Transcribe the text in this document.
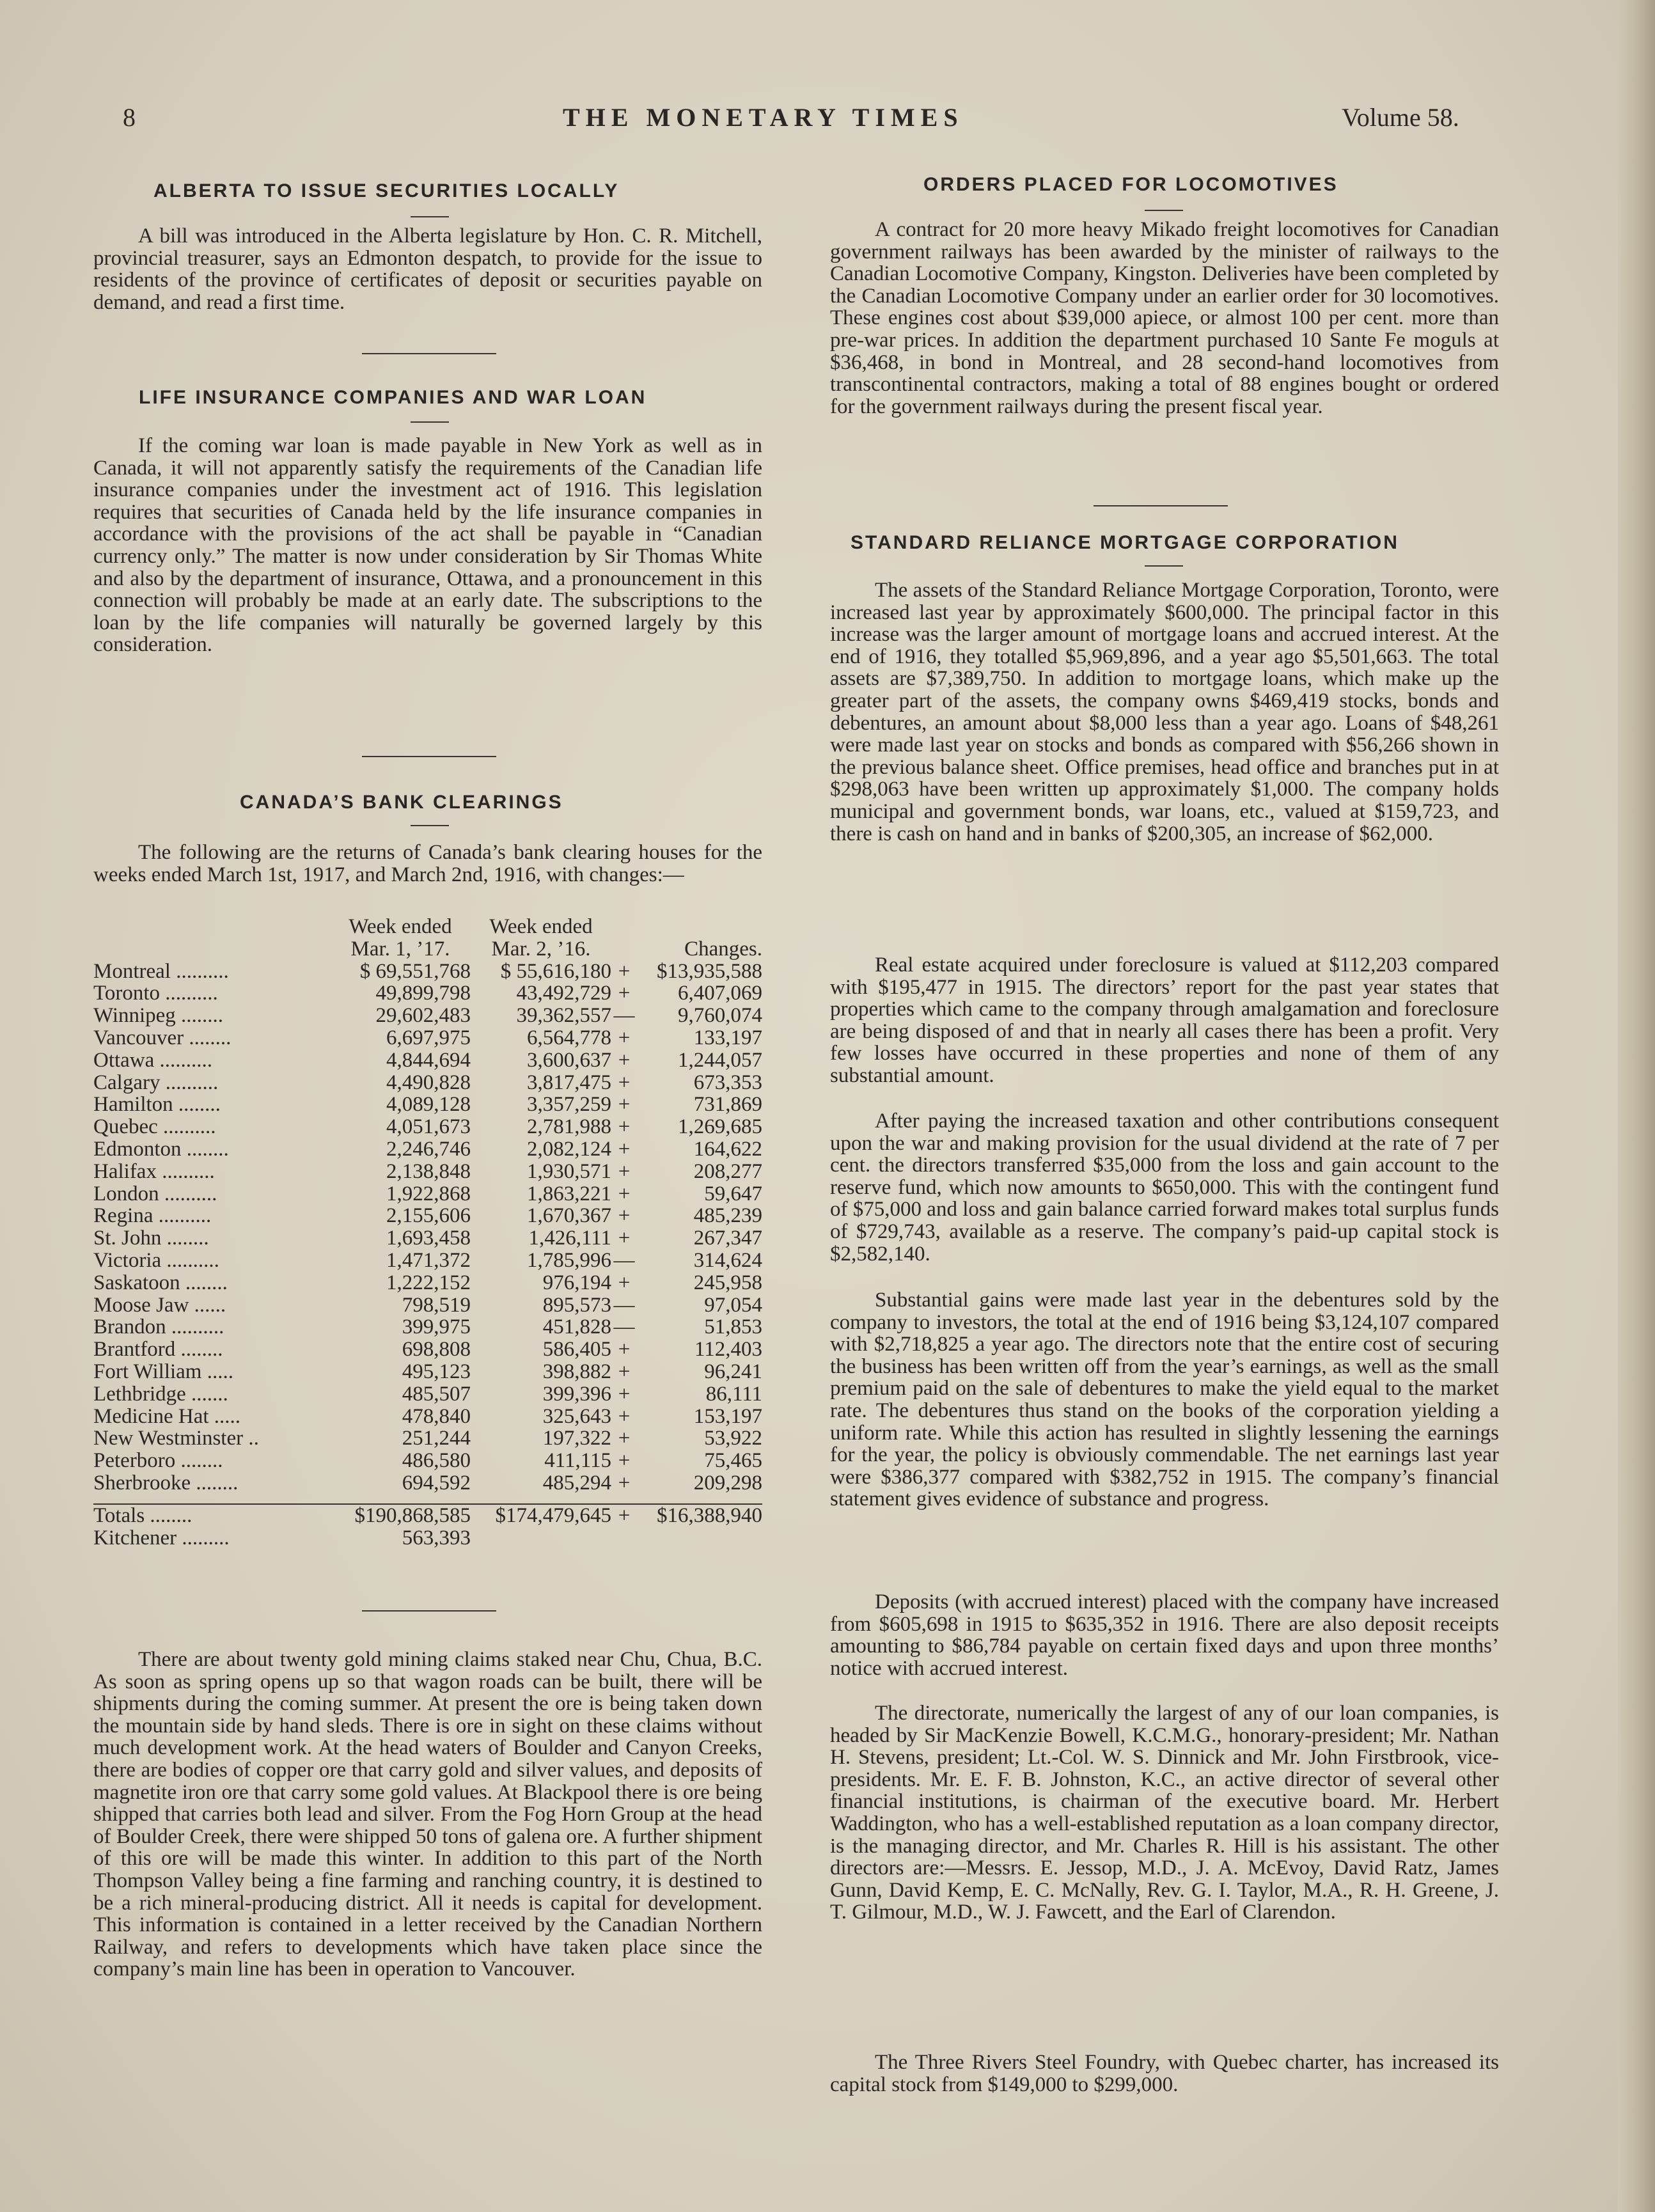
8	THE MONETARY TIMES	Volume 58.
ALBERTA TO ISSUE SECURITIES LOCALLY

A bill was introduced in the Alberta legislature by Hon. C. R. Mitchell, provincial treasurer, says an Edmonton despatch, to provide for the issue to residents of the province of certificates of deposit or securities payable on demand, and read a first time.

LIFE INSURANCE COMPANIES AND WAR LOAN

If the coming war loan is made payable in New York as well as in Canada, it will not apparently satisfy the requirements of the Canadian life insurance companies under the investment act of 1916. This legislation requires that securities of Canada held by the life insurance companies in accordance with the provisions of the act shall be payable in “Canadian currency only.” The matter is now under consideration by Sir Thomas White and also by the department of insurance, Ottawa, and a pronouncement in this connection will probably be made at an early date. The subscriptions to the loan by the life companies will naturally be governed largely by this consideration.

CANADA’S BANK CLEARINGS

The following are the returns of Canada’s bank clearing houses for the weeks ended March 1st, 1917, and March 2nd, 1916, with changes:—

	Week ended	Week ended		
	Mar. 1, ’17.	Mar. 2, ’16.		Changes.
Montreal ..........	$ 69,551,768	$ 55,616,180	+	$13,935,588
Toronto ..........	49,899,798	43,492,729	+	6,407,069
Winnipeg ........	29,602,483	39,362,557	—	9,760,074
Vancouver ........	6,697,975	6,564,778	+	133,197
Ottawa ..........	4,844,694	3,600,637	+	1,244,057
Calgary ..........	4,490,828	3,817,475	+	673,353
Hamilton ........	4,089,128	3,357,259	+	731,869
Quebec ..........	4,051,673	2,781,988	+	1,269,685
Edmonton ........	2,246,746	2,082,124	+	164,622
Halifax ..........	2,138,848	1,930,571	+	208,277
London ..........	1,922,868	1,863,221	+	59,647
Regina ..........	2,155,606	1,670,367	+	485,239
St. John ........	1,693,458	1,426,111	+	267,347
Victoria ..........	1,471,372	1,785,996	—	314,624
Saskatoon ........	1,222,152	976,194	+	245,958
Moose Jaw ......	798,519	895,573	—	97,054
Brandon ..........	399,975	451,828	—	51,853
Brantford ........	698,808	586,405	+	112,403
Fort William .....	495,123	398,882	+	96,241
Lethbridge .......	485,507	399,396	+	86,111
Medicine Hat .....	478,840	325,643	+	153,197
New Westminster ..	251,244	197,322	+	53,922
Peterboro ........	486,580	411,115	+	75,465
Sherbrooke ........	694,592	485,294	+	209,298

Totals ........	$190,868,585	$174,479,645	+	$16,388,940
Kitchener .........	563,393			

There are about twenty gold mining claims staked near Chu, Chua, B.C. As soon as spring opens up so that wagon roads can be built, there will be shipments during the coming summer. At present the ore is being taken down the mountain side by hand sleds. There is ore in sight on these claims without much development work. At the head waters of Boulder and Canyon Creeks, there are bodies of copper ore that carry gold and silver values, and deposits of magnetite iron ore that carry some gold values. At Blackpool there is ore being shipped that carries both lead and silver. From the Fog Horn Group at the head of Boulder Creek, there were shipped 50 tons of galena ore. A further shipment of this ore will be made this winter. In addition to this part of the North Thompson Valley being a fine farming and ranching country, it is destined to be a rich mineral-producing district. All it needs is capital for development. This information is contained in a letter received by the Canadian Northern Railway, and refers to developments which have taken place since the company’s main line has been in operation to Vancouver.

ORDERS PLACED FOR LOCOMOTIVES

A contract for 20 more heavy Mikado freight locomotives for Canadian government railways has been awarded by the minister of railways to the Canadian Locomotive Company, Kingston. Deliveries have been completed by the Canadian Locomotive Company under an earlier order for 30 locomotives. These engines cost about $39,000 apiece, or almost 100 per cent. more than pre-war prices. In addition the department purchased 10 Sante Fe moguls at $36,468, in bond in Montreal, and 28 second-hand locomotives from transcontinental contractors, making a total of 88 engines bought or ordered for the government railways during the present fiscal year.

STANDARD RELIANCE MORTGAGE CORPORATION

The assets of the Standard Reliance Mortgage Corporation, Toronto, were increased last year by approximately $600,000. The principal factor in this increase was the larger amount of mortgage loans and accrued interest. At the end of 1916, they totalled $5,969,896, and a year ago $5,501,663. The total assets are $7,389,750. In addition to mortgage loans, which make up the greater part of the assets, the company owns $469,419 stocks, bonds and debentures, an amount about $8,000 less than a year ago. Loans of $48,261 were made last year on stocks and bonds as compared with $56,266 shown in the previous balance sheet. Office premises, head office and branches put in at $298,063 have been written up approximately $1,000. The company holds municipal and government bonds, war loans, etc., valued at $159,723, and there is cash on hand and in banks of $200,305, an increase of $62,000.

Real estate acquired under foreclosure is valued at $112,203 compared with $195,477 in 1915. The directors’ report for the past year states that properties which came to the company through amalgamation and foreclosure are being disposed of and that in nearly all cases there has been a profit. Very few losses have occurred in these properties and none of them of any substantial amount.

After paying the increased taxation and other contributions consequent upon the war and making provision for the usual dividend at the rate of 7 per cent. the directors transferred $35,000 from the loss and gain account to the reserve fund, which now amounts to $650,000. This with the contingent fund of $75,000 and loss and gain balance carried forward makes total surplus funds of $729,743, available as a reserve. The company’s paid-up capital stock is $2,582,140.

Substantial gains were made last year in the debentures sold by the company to investors, the total at the end of 1916 being $3,124,107 compared with $2,718,825 a year ago. The directors note that the entire cost of securing the business has been written off from the year’s earnings, as well as the small premium paid on the sale of debentures to make the yield equal to the market rate. The debentures thus stand on the books of the corporation yielding a uniform rate. While this action has resulted in slightly lessening the earnings for the year, the policy is obviously commendable. The net earnings last year were $386,377 compared with $382,752 in 1915. The company’s financial statement gives evidence of substance and progress.

Deposits (with accrued interest) placed with the company have increased from $605,698 in 1915 to $635,352 in 1916. There are also deposit receipts amounting to $86,784 payable on certain fixed days and upon three months’ notice with accrued interest.

The directorate, numerically the largest of any of our loan companies, is headed by Sir MacKenzie Bowell, K.C.M.G., honorary-president; Mr. Nathan H. Stevens, president; Lt.-Col. W. S. Dinnick and Mr. John Firstbrook, vice-presidents. Mr. E. F. B. Johnston, K.C., an active director of several other financial institutions, is chairman of the executive board. Mr. Herbert Waddington, who has a well-established reputation as a loan company director, is the managing director, and Mr. Charles R. Hill is his assistant. The other directors are:—Messrs. E. Jessop, M.D., J. A. McEvoy, David Ratz, James Gunn, David Kemp, E. C. McNally, Rev. G. I. Taylor, M.A., R. H. Greene, J. T. Gilmour, M.D., W. J. Fawcett, and the Earl of Clarendon.

The Three Rivers Steel Foundry, with Quebec charter, has increased its capital stock from $149,000 to $299,000.
